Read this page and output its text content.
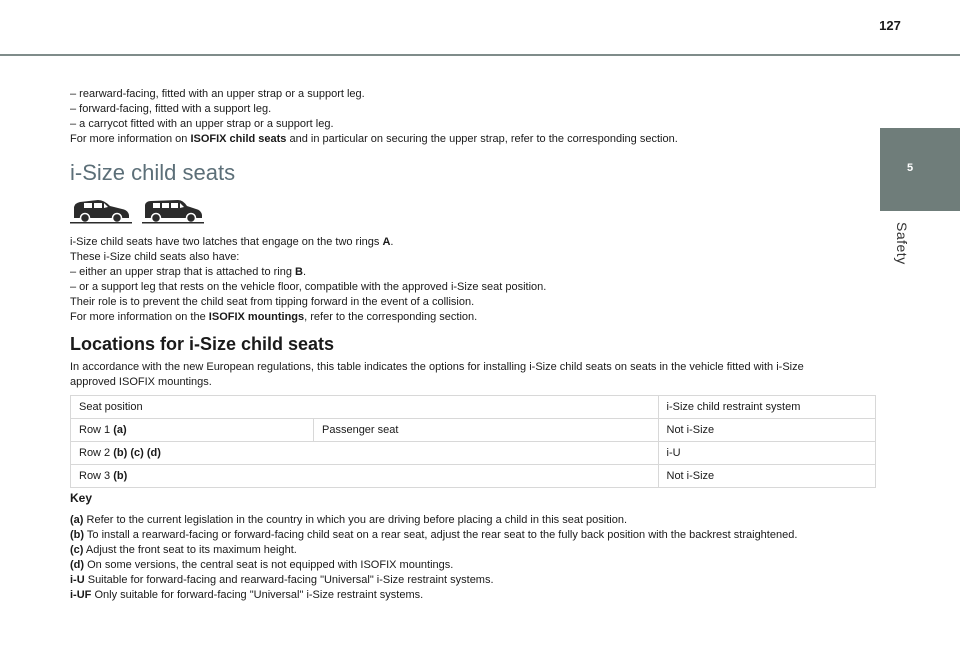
127
5
Safety

– rearward-facing, fitted with an upper strap or a support leg.

– forward-facing, fitted with a support leg.

– a carrycot fitted with an upper strap or a support leg.

For more information on ISOFIX child seats and in particular on securing the upper strap, refer to the corresponding section.

i-Size child seats

i-Size child seats have two latches that engage on the two rings A.

These i-Size child seats also have:

– either an upper strap that is attached to ring B.

– or a support leg that rests on the vehicle floor, compatible with the approved i-Size seat position.

Their role is to prevent the child seat from tipping forward in the event of a collision.

For more information on the ISOFIX mountings, refer to the corresponding section.

Locations for i-Size child seats

In accordance with the new European regulations, this table indicates the options for installing i-Size child seats on seats in the vehicle fitted with i-Size

approved ISOFIX mountings.

Seat position		i-Size child restraint system
Row 1 (a)	Passenger seat	Not i-Size
Row 2 (b) (c) (d)		i-U
Row 3 (b)		Not i-Size
Key

(a) Refer to the current legislation in the country in which you are driving before placing a child in this seat position.

(b) To install a rearward-facing or forward-facing child seat on a rear seat, adjust the rear seat to the fully back position with the backrest straightened.

(c) Adjust the front seat to its maximum height.

(d) On some versions, the central seat is not equipped with ISOFIX mountings.

i-U Suitable for forward-facing and rearward-facing "Universal" i-Size restraint systems.

i-UF Only suitable for forward-facing "Universal" i-Size restraint systems.
